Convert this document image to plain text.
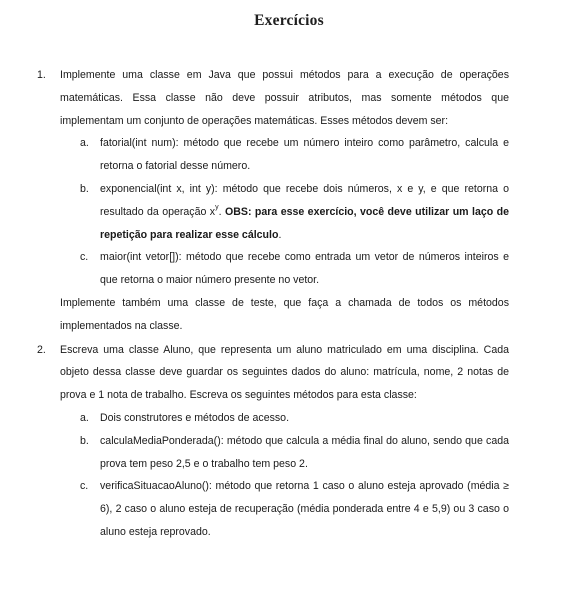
Exercícios
1.	Implemente uma classe em Java que possui métodos para a execução de operações matemáticas. Essa classe não deve possuir atributos, mas somente métodos que implementam um conjunto de operações matemáticas. Esses métodos devem ser:

a.	fatorial(int num): método que recebe um número inteiro como parâmetro, calcula e retorna o fatorial desse número.
b.	exponencial(int x, int y): método que recebe dois números, x e y, e que retorna o resultado da operação $x^y$. OBS: para esse exercício, você deve utilizar um laço de repetição para realizar esse cálculo.
c.	maior(int vetor[]): método que recebe como entrada um vetor de números inteiros e que retorna o maior número presente no vetor.

Implemente também uma classe de teste, que faça a chamada de todos os métodos implementados na classe.

2.	Escreva uma classe Aluno, que representa um aluno matriculado em uma disciplina. Cada objeto dessa classe deve guardar os seguintes dados do aluno: matrícula, nome, 2 notas de prova e 1 nota de trabalho. Escreva os seguintes métodos para esta classe:

a.	Dois construtores e métodos de acesso.
b.	calculaMediaPonderada(): método que calcula a média final do aluno, sendo que cada prova tem peso 2,5 e o trabalho tem peso 2.
c.	verificaSituacaoAluno(): método que retorna 1 caso o aluno esteja aprovado (média ≥ 6), 2 caso o aluno esteja de recuperação (média ponderada entre 4 e 5,9) ou 3 caso o aluno esteja reprovado.
